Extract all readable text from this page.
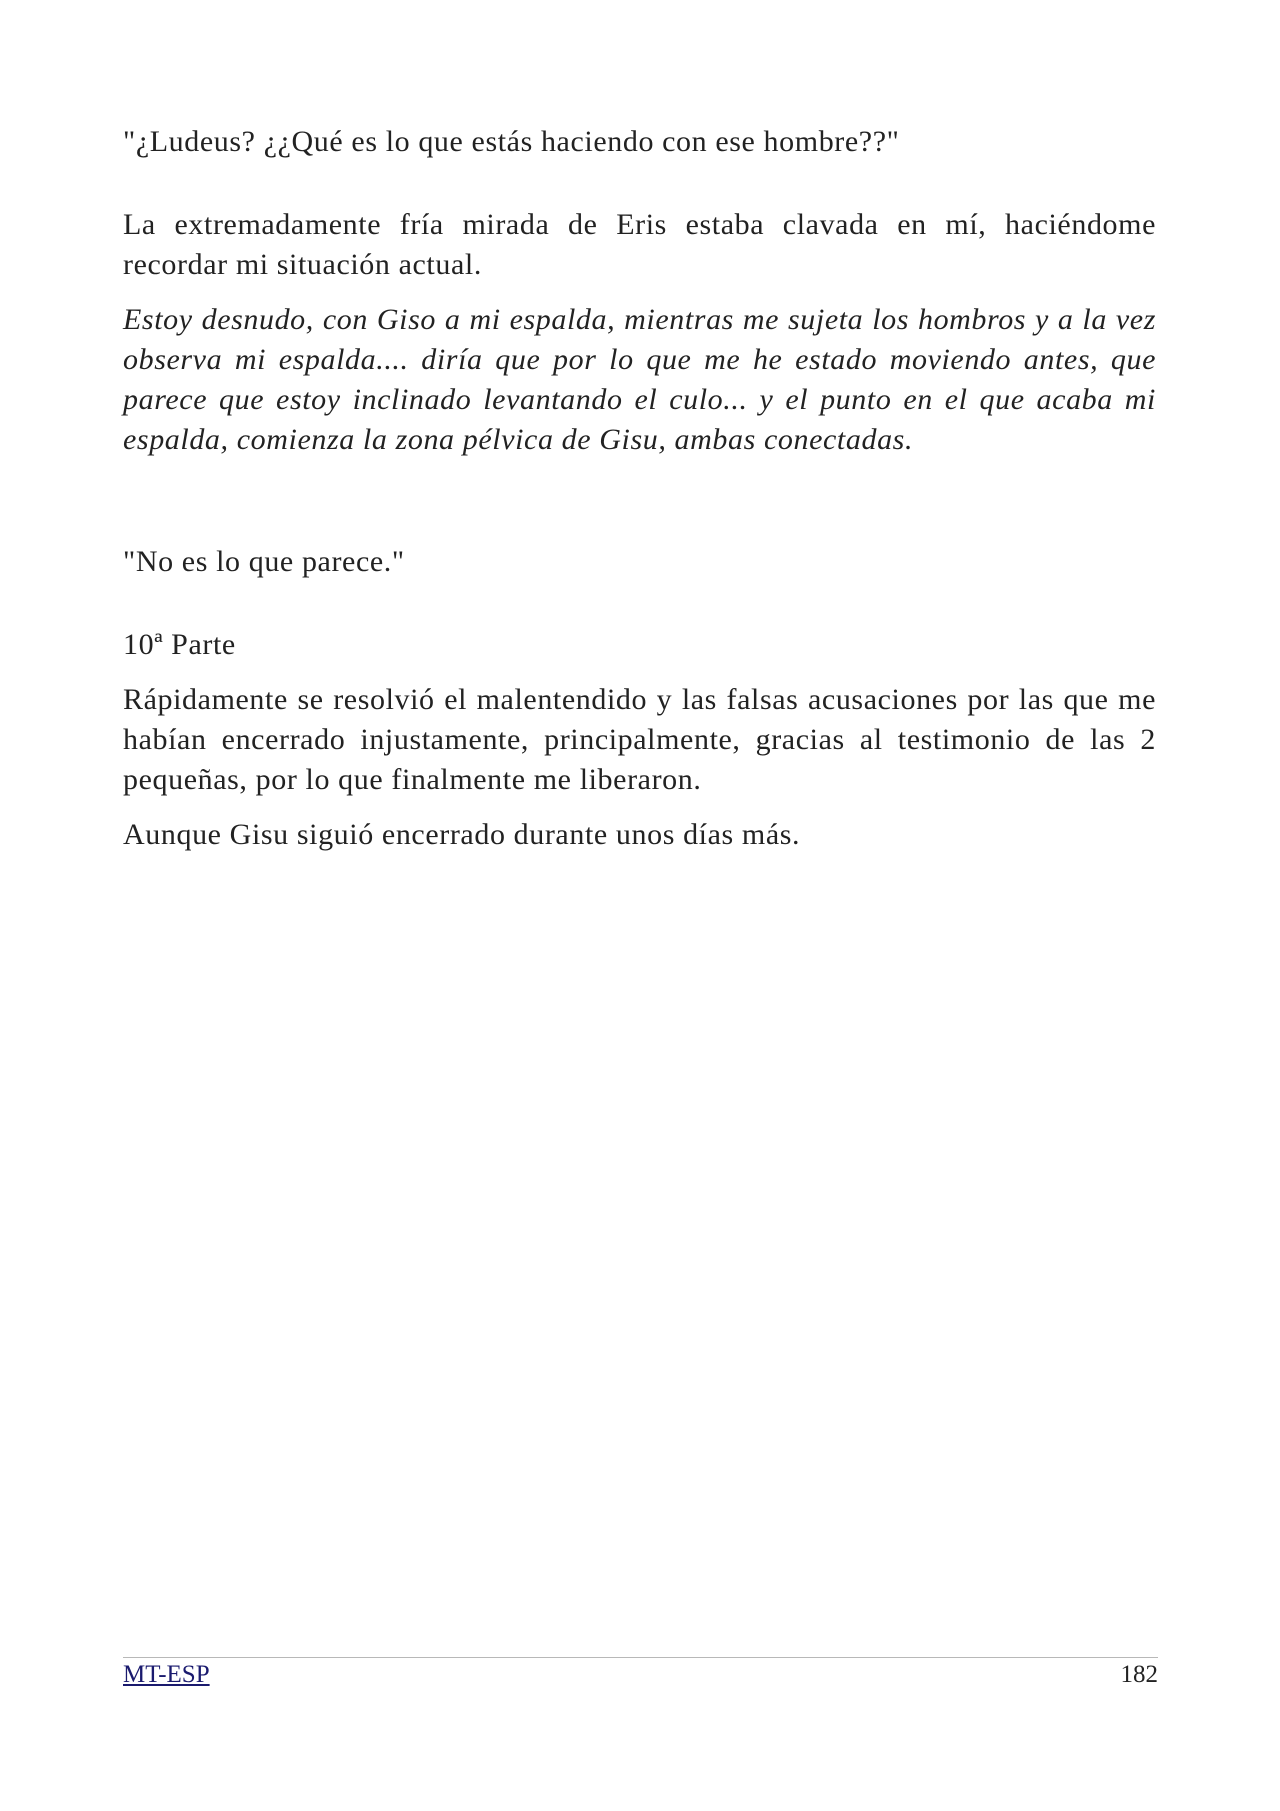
"¿Ludeus? ¿¿Qué es lo que estás haciendo con ese hombre??"

La extremadamente fría mirada de Eris estaba clavada en mí, haciéndome recordar mi situación actual.

Estoy desnudo, con Giso a mi espalda, mientras me sujeta los hombros y a la vez observa mi espalda.... diría que por lo que me he estado moviendo antes, que parece que estoy inclinado levantando el culo... y el punto en el que acaba mi espalda, comienza la zona pélvica de Gisu, ambas conectadas.

"No es lo que parece."

10ª Parte

Rápidamente se resolvió el malentendido y las falsas acusaciones por las que me habían encerrado injustamente, principalmente, gracias al testimonio de las 2 pequeñas, por lo que finalmente me liberaron.

Aunque Gisu siguió encerrado durante unos días más.

MT-ESP	182
